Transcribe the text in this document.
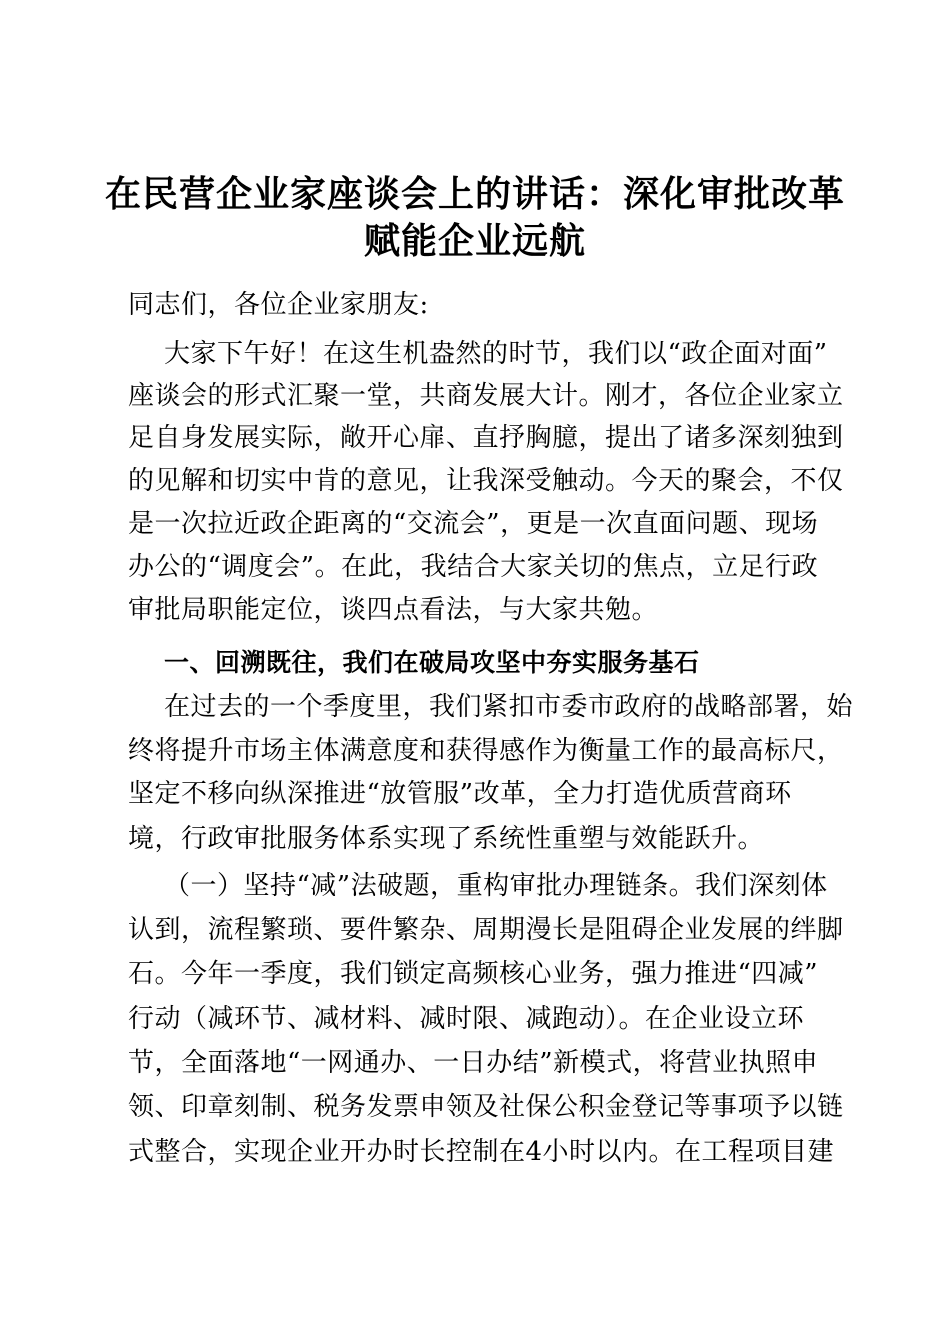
在民营企业家座谈会上的讲话：深化审批改革
赋能企业远航
同志们，各位企业家朋友:
大家下午好！在这生机盎然的时节，我们以“政企面对面”
座谈会的形式汇聚一堂，共商发展大计。刚才，各位企业家立
足自身发展实际，敞开心扉、直抒胸臆，提出了诸多深刻独到
的见解和切实中肯的意见，让我深受触动。今天的聚会，不仅
是一次拉近政企距离的“交流会”，更是一次直面问题、现场
办公的“调度会”。在此，我结合大家关切的焦点，立足行政
审批局职能定位，谈四点看法，与大家共勉。
一、回溯既往，我们在破局攻坚中夯实服务基石
在过去的一个季度里，我们紧扣市委市政府的战略部署，始
终将提升市场主体满意度和获得感作为衡量工作的最高标尺，
坚定不移向纵深推进“放管服”改革，全力打造优质营商环
境，行政审批服务体系实现了系统性重塑与效能跃升。
（一）坚持“减”法破题，重构审批办理链条。我们深刻体
认到，流程繁琐、要件繁杂、周期漫长是阻碍企业发展的绊脚
石。今年一季度，我们锁定高频核心业务，强力推进“四减”
行动（减环节、减材料、减时限、减跑动）。在企业设立环
节，全面落地“一网通办、一日办结”新模式，将营业执照申
领、印章刻制、税务发票申领及社保公积金登记等事项予以链
式整合，实现企业开办时长控制在4小时以内。在工程项目建
